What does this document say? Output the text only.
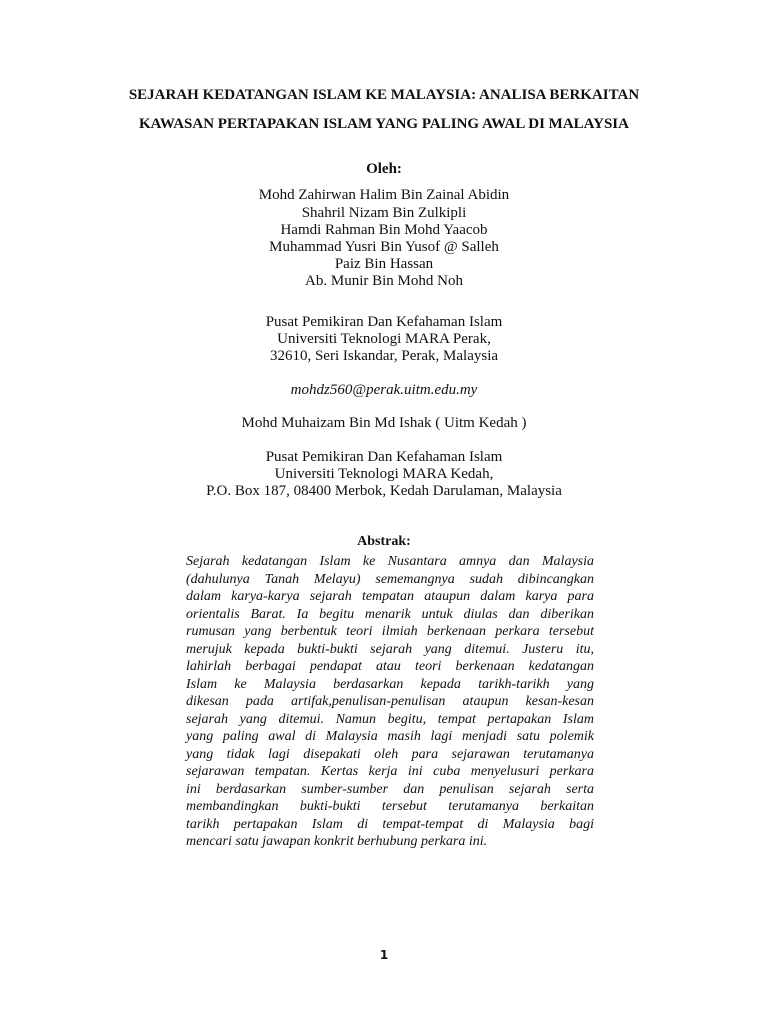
SEJARAH KEDATANGAN ISLAM KE MALAYSIA: ANALISA BERKAITAN
KAWASAN PERTAPAKAN ISLAM YANG PALING AWAL DI MALAYSIA
Oleh:
Mohd Zahirwan Halim Bin Zainal Abidin
Shahril Nizam Bin Zulkipli
Hamdi Rahman Bin Mohd Yaacob
Muhammad Yusri Bin Yusof @ Salleh
Paiz Bin Hassan
Ab. Munir Bin Mohd Noh
Pusat Pemikiran Dan Kefahaman Islam
Universiti Teknologi MARA Perak,
32610, Seri Iskandar, Perak, Malaysia
mohdz560@perak.uitm.edu.my
Mohd Muhaizam Bin Md Ishak ( Uitm Kedah )
Pusat Pemikiran Dan Kefahaman Islam
Universiti Teknologi MARA Kedah,
P.O. Box 187, 08400 Merbok, Kedah Darulaman, Malaysia
Abstrak:
Sejarah kedatangan Islam ke Nusantara amnya dan Malaysia
(dahulunya Tanah Melayu) sememangnya sudah dibincangkan
dalam karya-karya sejarah tempatan ataupun dalam karya para
orientalis Barat. Ia begitu menarik untuk diulas dan diberikan
rumusan yang berbentuk teori ilmiah berkenaan perkara tersebut
merujuk kepada bukti-bukti sejarah yang ditemui. Justeru itu,
lahirlah berbagai pendapat atau teori berkenaan kedatangan
Islam ke Malaysia berdasarkan kepada tarikh-tarikh yang
dikesan pada artifak,penulisan-penulisan ataupun kesan-kesan
sejarah yang ditemui. Namun begitu, tempat pertapakan Islam
yang paling awal di Malaysia masih lagi menjadi satu polemik
yang tidak lagi disepakati oleh para sejarawan terutamanya
sejarawan tempatan. Kertas kerja ini cuba menyelusuri perkara
ini berdasarkan sumber-sumber dan penulisan sejarah serta
membandingkan bukti-bukti tersebut terutamanya berkaitan
tarikh pertapakan Islam di tempat-tempat di Malaysia bagi
mencari satu jawapan konkrit berhubung perkara ini.
1
